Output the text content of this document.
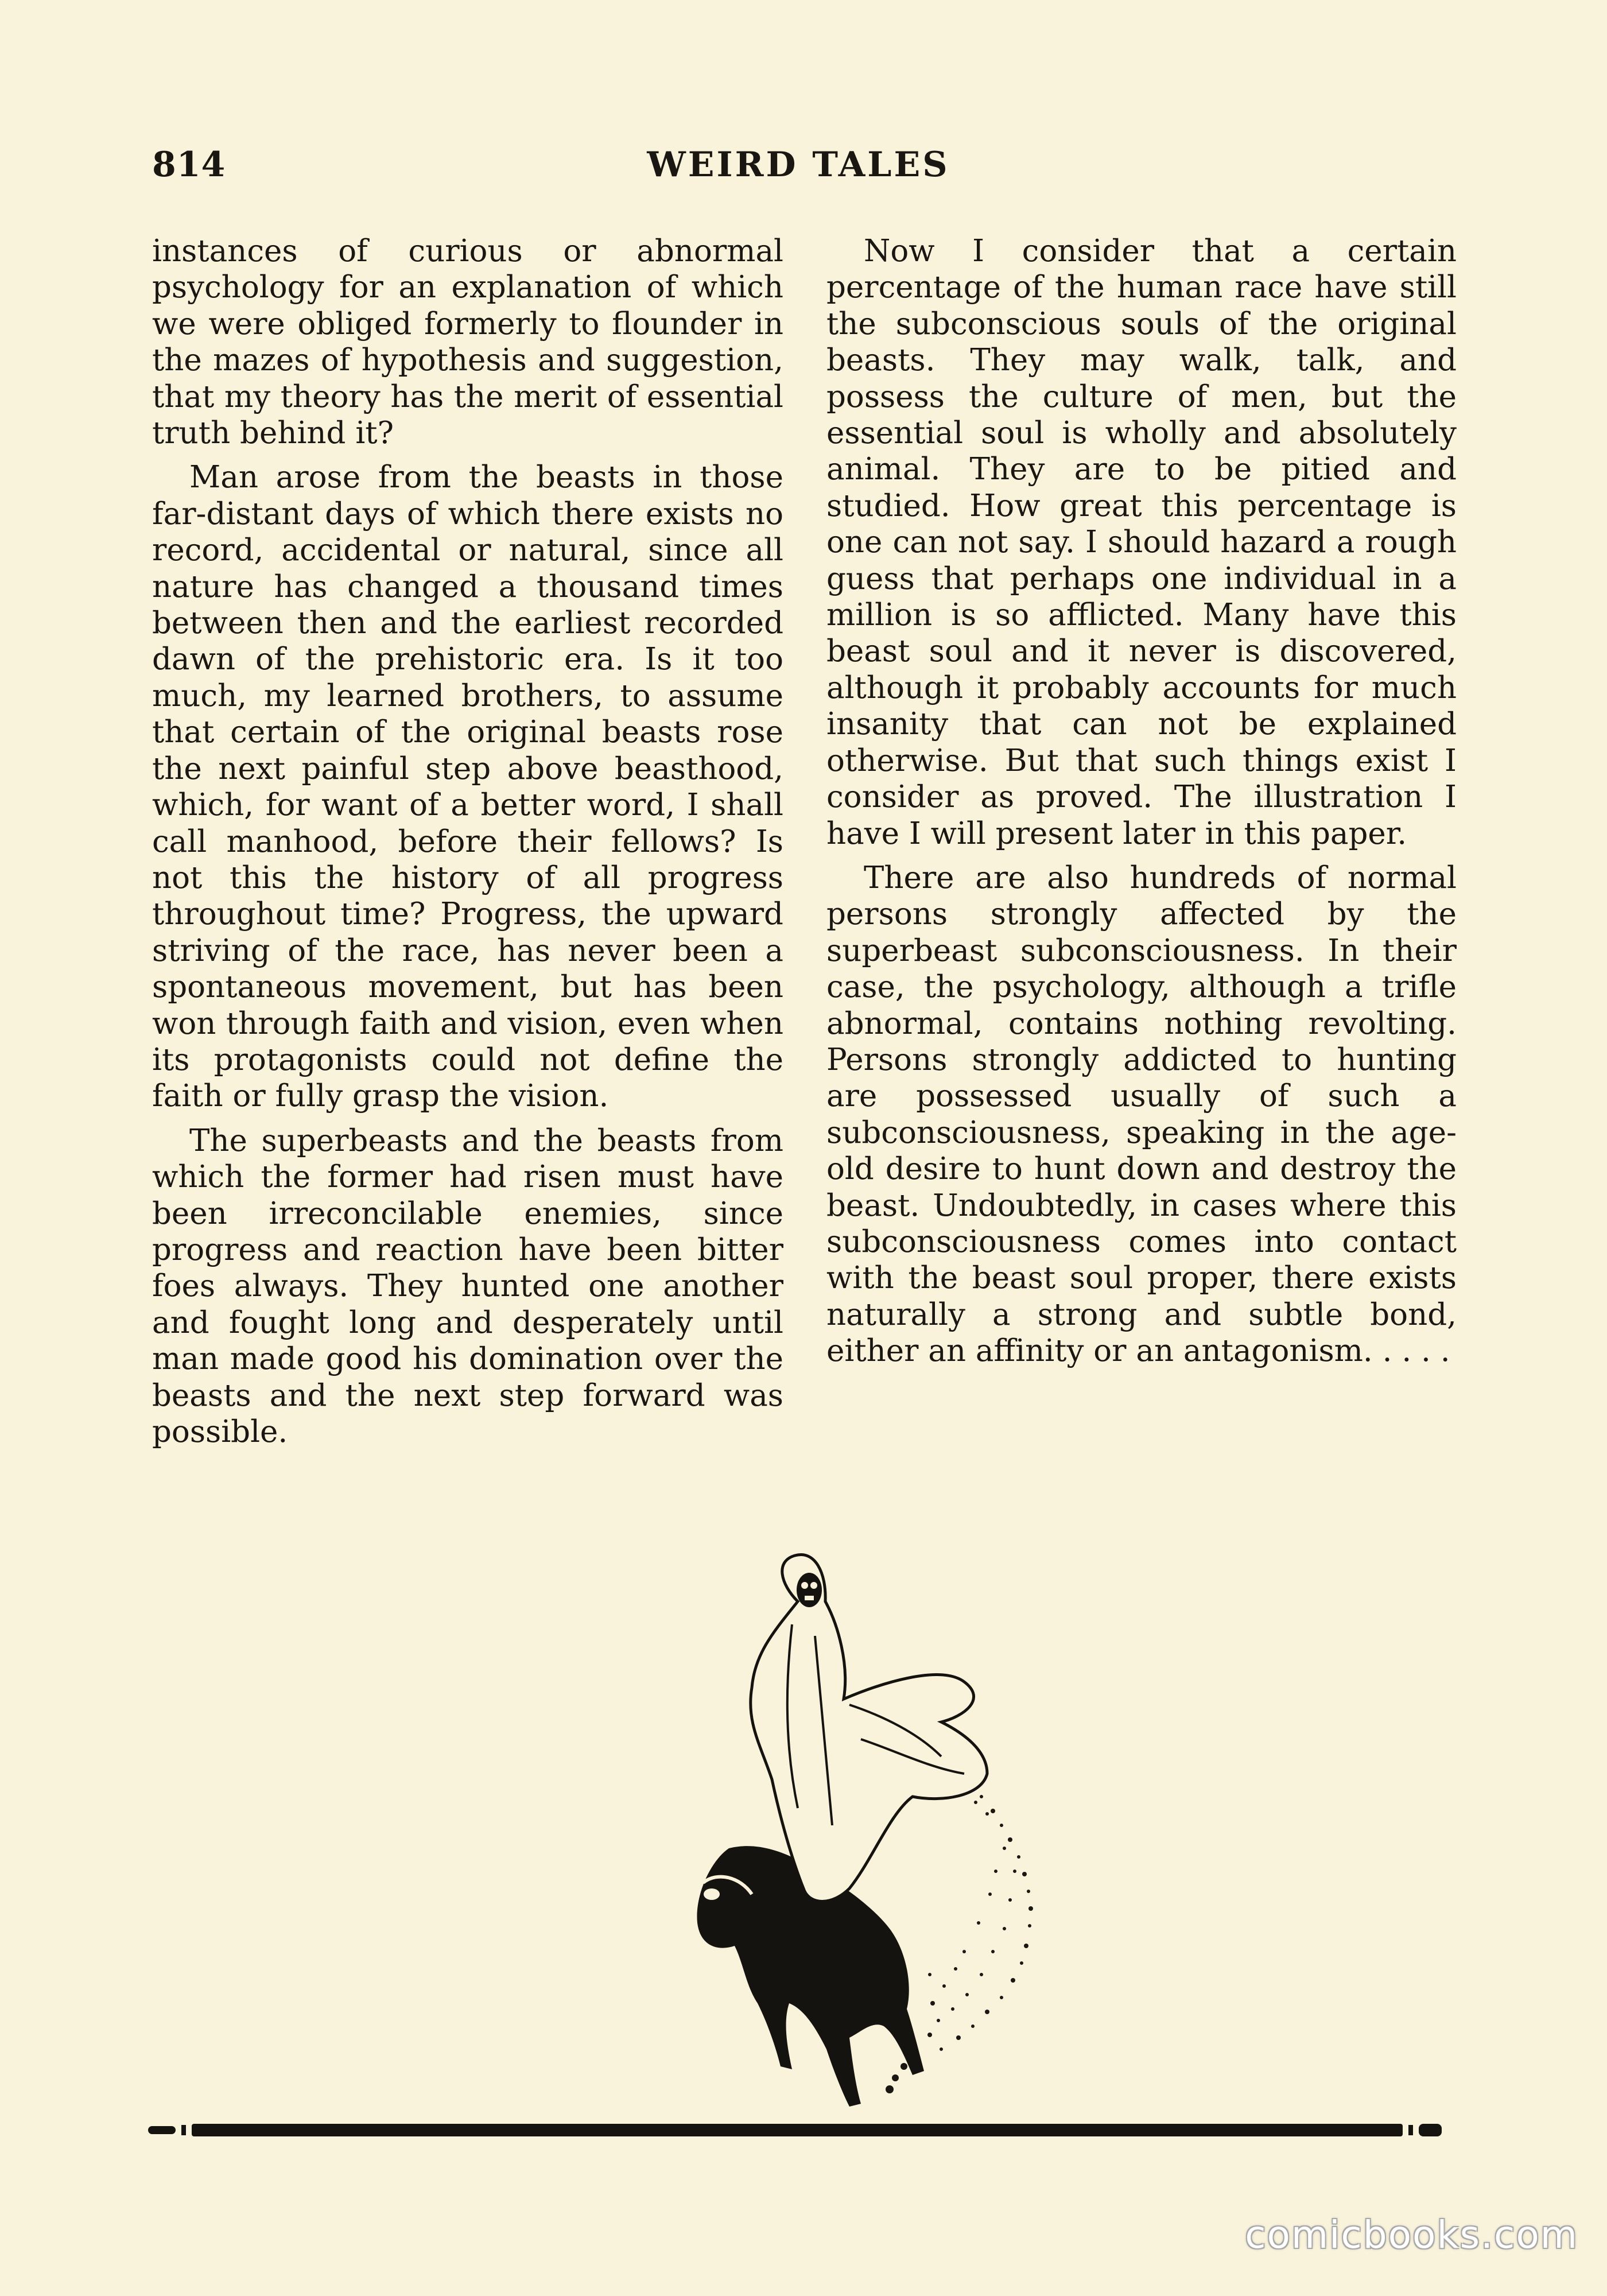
814	WEIRD TALES

instances of curious or abnormal psychology for an explanation of which we were obliged formerly to flounder in the mazes of hypothesis and suggestion, that my theory has the merit of essential truth behind it?

Man arose from the beasts in those far-distant days of which there exists no record, accidental or natural, since all nature has changed a thousand times between then and the earliest recorded dawn of the prehistoric era. Is it too much, my learned brothers, to assume that certain of the original beasts rose the next painful step above beasthood, which, for want of a better word, I shall call manhood, before their fellows? Is not this the history of all progress throughout time? Progress, the upward striving of the race, has never been a spontaneous movement, but has been won through faith and vision, even when its protagonists could not define the faith or fully grasp the vision.

The superbeasts and the beasts from which the former had risen must have been irreconcilable enemies, since progress and reaction have been bitter foes always. They hunted one another and fought long and desperately until man made good his domination over the beasts and the next step forward was possible.

Now I consider that a certain percentage of the human race have still the subconscious souls of the original beasts. They may walk, talk, and possess the culture of men, but the essential soul is wholly and absolutely animal. They are to be pitied and studied. How great this percentage is one can not say. I should hazard a rough guess that perhaps one individual in a million is so afflicted. Many have this beast soul and it never is discovered, although it probably accounts for much insanity that can not be explained otherwise. But that such things exist I consider as proved. The illustration I have I will present later in this paper.

There are also hundreds of normal persons strongly affected by the superbeast subconsciousness. In their case, the psychology, although a trifle abnormal, contains nothing revolting. Persons strongly addicted to hunting are possessed usually of such a subconsciousness, speaking in the age-old desire to hunt down and destroy the beast. Undoubtedly, in cases where this subconsciousness comes into contact with the beast soul proper, there exists naturally a strong and subtle bond, either an affinity or an antagonism. . . . .

comicbooks.com
